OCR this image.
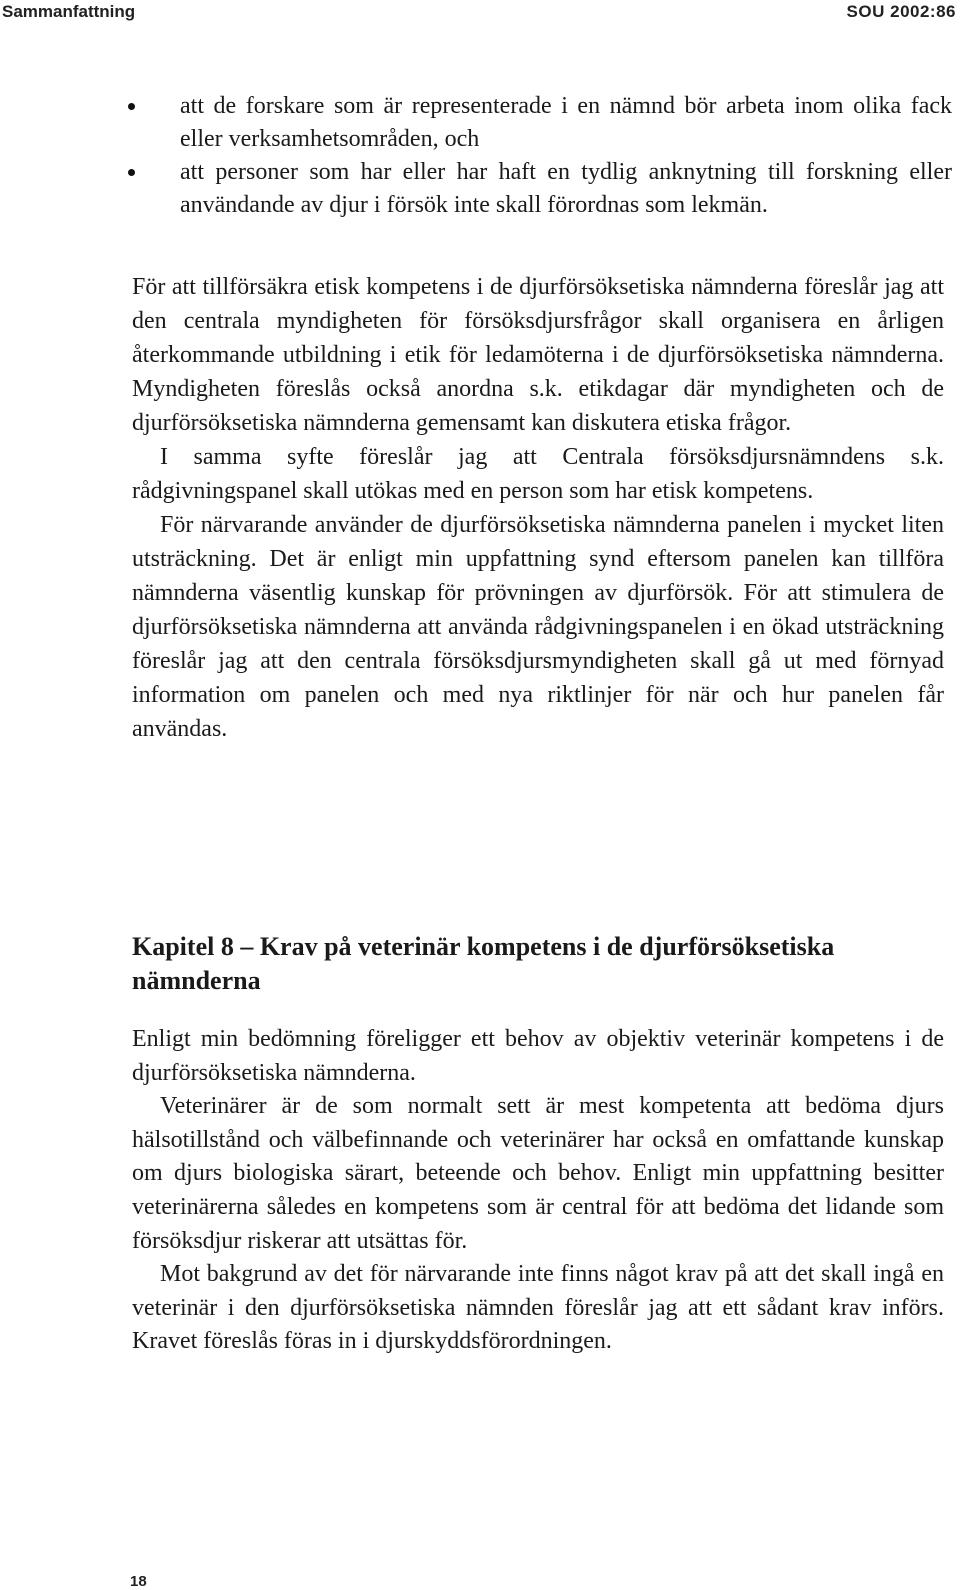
Sammanfattning	SOU 2002:86
att de forskare som är representerade i en nämnd bör arbeta inom olika fack eller verksamhetsområden, och
att personer som har eller har haft en tydlig anknytning till forskning eller användande av djur i försök inte skall förordnas som lekmän.

För att tillförsäkra etisk kompetens i de djurförsöksetiska nämnderna föreslår jag att den centrala myndigheten för försöksdjursfrågor skall organisera en årligen återkommande utbildning i etik för ledamöterna i de djurförsöksetiska nämnderna. Myndigheten föreslås också anordna s.k. etikdagar där myndigheten och de djurförsöksetiska nämnderna gemensamt kan diskutera etiska frågor.

I samma syfte föreslår jag att Centrala försöksdjursnämndens s.k. rådgivningspanel skall utökas med en person som har etisk kompetens.

För närvarande använder de djurförsöksetiska nämnderna panelen i mycket liten utsträckning. Det är enligt min uppfattning synd eftersom panelen kan tillföra nämnderna väsentlig kunskap för prövningen av djurförsök. För att stimulera de djurförsöksetiska nämnderna att använda rådgivningspanelen i en ökad utsträckning föreslår jag att den centrala försöksdjursmyndigheten skall gå ut med förnyad information om panelen och med nya riktlinjer för när och hur panelen får användas.

Kapitel 8 – Krav på veterinär kompetens i de djurförsöksetiska nämnderna

Enligt min bedömning föreligger ett behov av objektiv veterinär kompetens i de djurförsöksetiska nämnderna.

Veterinärer är de som normalt sett är mest kompetenta att bedöma djurs hälsotillstånd och välbefinnande och veterinärer har också en omfattande kunskap om djurs biologiska särart, beteende och behov. Enligt min uppfattning besitter veterinärerna således en kompetens som är central för att bedöma det lidande som försöksdjur riskerar att utsättas för.

Mot bakgrund av det för närvarande inte finns något krav på att det skall ingå en veterinär i den djurförsöksetiska nämnden föreslår jag att ett sådant krav införs. Kravet föreslås föras in i djurskyddsförordningen.

18
